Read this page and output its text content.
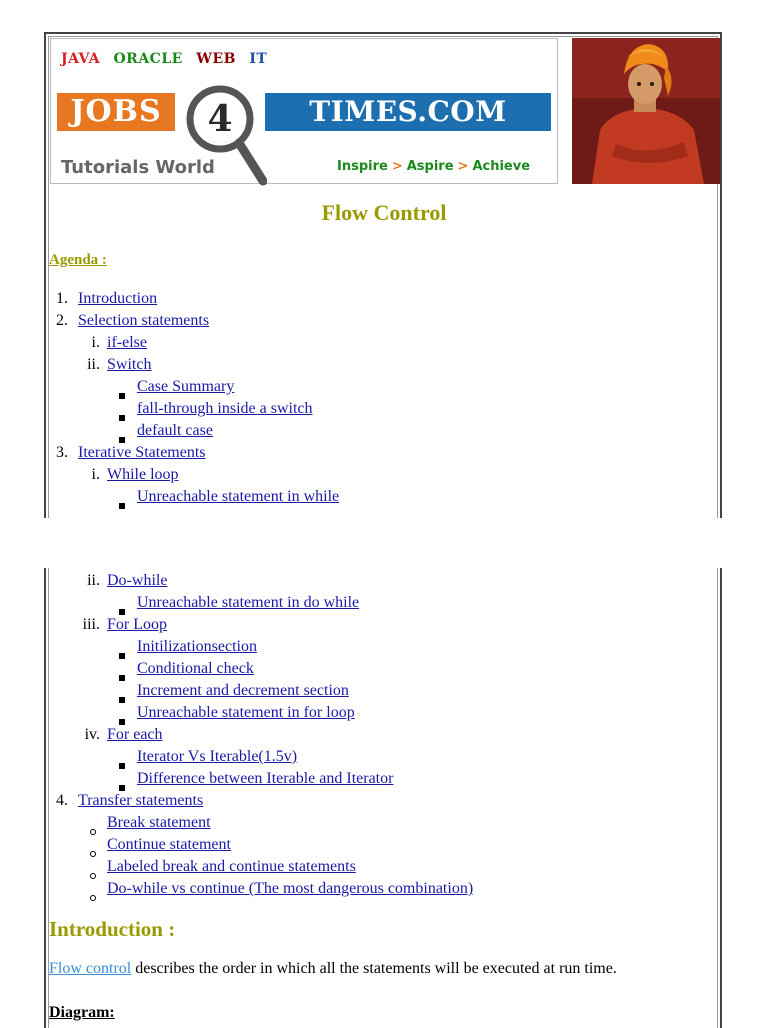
JAVA ORACLE WEB IT
JOBS	4	TIMES.COM
Tutorials World	Inspire > Aspire > Achieve
Flow Control
Agenda :
1. Introduction
2. Selection statements
i. if-else
ii. Switch
Case Summary
fall-through inside a switch
default case
3. Iterative Statements
i. While loop
Unreachable statement in while
ii. Do-while
Unreachable statement in do while
iii. For Loop
Initilizationsection
Conditional check
Increment and decrement section
Unreachable statement in for loop
iv. For each
Iterator Vs Iterable(1.5v)
Difference between Iterable and Iterator
4. Transfer statements
Break statement
Continue statement
Labeled break and continue statements
Do-while vs continue (The most dangerous combination)
Introduction :
Flow control describes the order in which all the statements will be executed at run time.
Diagram:
